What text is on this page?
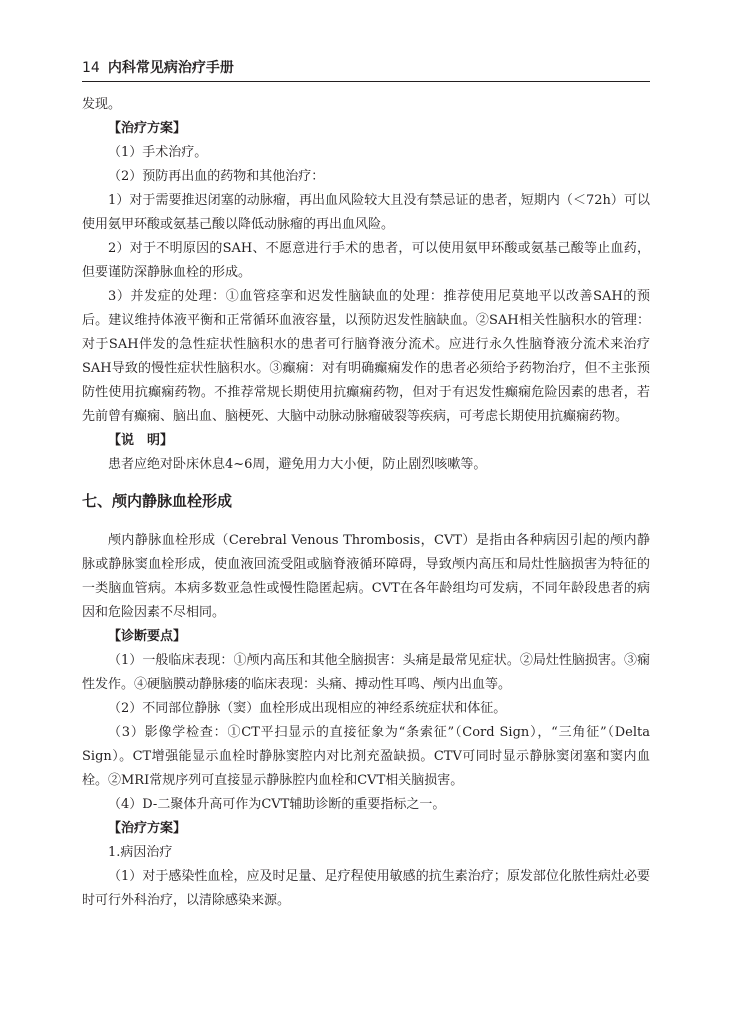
14 内科常见病治疗手册

发现。

【治疗方案】

（1）手术治疗。

（2）预防再出血的药物和其他治疗：

1）对于需要推迟闭塞的动脉瘤，再出血风险较大且没有禁忌证的患者，短期内（＜72h）可以使用氨甲环酸或氨基己酸以降低动脉瘤的再出血风险。

2）对于不明原因的SAH、不愿意进行手术的患者，可以使用氨甲环酸或氨基己酸等止血药，但要谨防深静脉血栓的形成。

3）并发症的处理：①血管痉挛和迟发性脑缺血的处理：推荐使用尼莫地平以改善SAH的预后。建议维持体液平衡和正常循环血液容量，以预防迟发性脑缺血。②SAH相关性脑积水的管理：对于SAH伴发的急性症状性脑积水的患者可行脑脊液分流术。应进行永久性脑脊液分流术来治疗SAH导致的慢性症状性脑积水。③癫痫：对有明确癫痫发作的患者必须给予药物治疗，但不主张预防性使用抗癫痫药物。不推荐常规长期使用抗癫痫药物，但对于有迟发性癫痫危险因素的患者，若先前曾有癫痫、脑出血、脑梗死、大脑中动脉动脉瘤破裂等疾病，可考虑长期使用抗癫痫药物。

【说　明】

患者应绝对卧床休息4~6周，避免用力大小便，防止剧烈咳嗽等。

七、颅内静脉血栓形成

颅内静脉血栓形成（Cerebral Venous Thrombosis，CVT）是指由各种病因引起的颅内静脉或静脉窦血栓形成，使血液回流受阻或脑脊液循环障碍，导致颅内高压和局灶性脑损害为特征的一类脑血管病。本病多数亚急性或慢性隐匿起病。CVT在各年龄组均可发病，不同年龄段患者的病因和危险因素不尽相同。

【诊断要点】

（1）一般临床表现：①颅内高压和其他全脑损害：头痛是最常见症状。②局灶性脑损害。③痫性发作。④硬脑膜动静脉瘘的临床表现：头痛、搏动性耳鸣、颅内出血等。

（2）不同部位静脉（窦）血栓形成出现相应的神经系统症状和体征。

（3）影像学检查：①CT平扫显示的直接征象为“条索征”（Cord Sign），“三角征”（Delta Sign）。CT增强能显示血栓时静脉窦腔内对比剂充盈缺损。CTV可同时显示静脉窦闭塞和窦内血栓。②MRI常规序列可直接显示静脉腔内血栓和CVT相关脑损害。

（4）D-二聚体升高可作为CVT辅助诊断的重要指标之一。

【治疗方案】

1.病因治疗

（1）对于感染性血栓，应及时足量、足疗程使用敏感的抗生素治疗；原发部位化脓性病灶必要时可行外科治疗，以清除感染来源。
